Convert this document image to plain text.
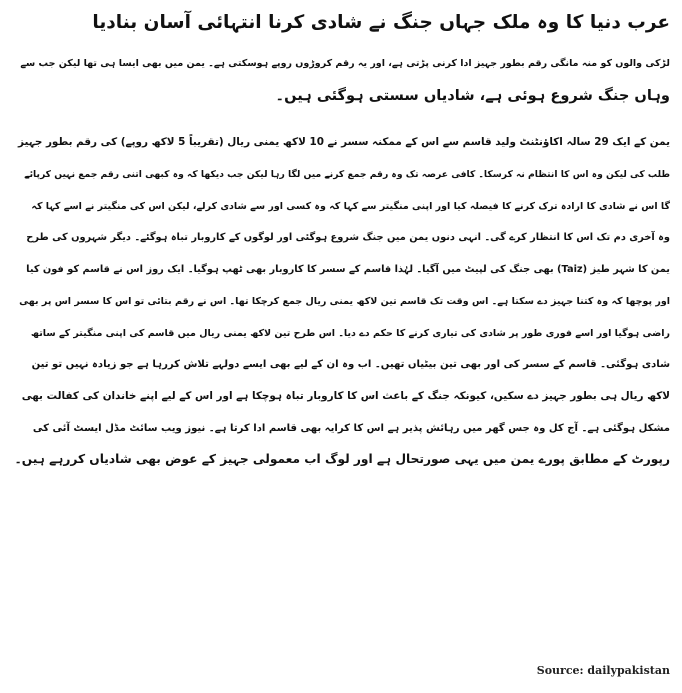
عرب دنیا کا وہ ملک جہاں جنگ نے شادی کرنا انتہائی آسان بنادیا
لڑکی والوں کو منہ مانگی رقم بطور جہیز ادا کرنی پڑتی ہے، اور یہ رقم کروڑوں روپے ہوسکتی ہے۔ یمن میں بھی ایسا ہی تھا لیکن جب سے
وہاں جنگ شروع ہوئی ہے، شادیاں سستی ہوگئی ہیں۔
یمن کے ایک 29 سالہ اکاؤنٹنٹ ولید قاسم سے اس کے ممکنہ سسر نے 10 لاکھ یمنی ریال (تقریباً 5 لاکھ روپے) کی رقم بطور جہیز
طلب کی لیکن وہ اس کا انتظام نہ کرسکا۔ کافی عرصہ تک وہ رقم جمع کرنے میں لگا رہا لیکن جب دیکھا کہ وہ کبھی اتنی رقم جمع نہیں کرپائے
گا اس نے شادی کا ارادہ ترک کرنے کا فیصلہ کیا اور اپنی منگیتر سے کہا کہ وہ کسی اور سے شادی کرلے، لیکن اس کی منگیتر نے اسے کہا کہ
وہ آخری دم تک اس کا انتظار کرے گی۔ انہی دنوں یمن میں جنگ شروع ہوگئی اور لوگوں کے کاروبار تباہ ہوگئے۔ دیگر شہروں کی طرح
یمن کا شہر طیز (Taiz) بھی جنگ کی لپیٹ میں آگیا۔ لہٰذا قاسم کے سسر کا کاروبار بھی ٹھپ ہوگیا۔ ایک روز اس نے قاسم کو فون کیا
اور پوچھا کہ وہ کتنا جہیز دے سکتا ہے۔ اس وقت تک قاسم تین لاکھ یمنی ریال جمع کرچکا تھا۔ اس نے رقم بتائی تو اس کا سسر اس پر بھی
راضی ہوگیا اور اسے فوری طور پر شادی کی تیاری کرنے کا حکم دے دیا۔ اس طرح تین لاکھ یمنی ریال میں قاسم کی اپنی منگیتر کے ساتھ
شادی ہوگئی۔ قاسم کے سسر کی اور بھی تین بیٹیاں تھیں۔ اب وہ ان کے لیے بھی ایسے دولہے تلاش کررہا ہے جو زیادہ نہیں تو تین
لاکھ ریال ہی بطور جہیز دے سکیں، کیونکہ جنگ کے باعث اس کا کاروبار تباہ ہوچکا ہے اور اس کے لیے اپنے خاندان کی کفالت بھی
مشکل ہوگئی ہے۔ آج کل وہ جس گھر میں رہائش پذیر ہے اس کا کرایہ بھی قاسم ادا کرتا ہے۔ نیوز ویب سائٹ مڈل ایسٹ آئی کی
رپورٹ کے مطابق پورے یمن میں یہی صورتحال ہے اور لوگ اب معمولی جہیز کے عوض بھی شادیاں کررہے ہیں۔
Source: dailypakistan
